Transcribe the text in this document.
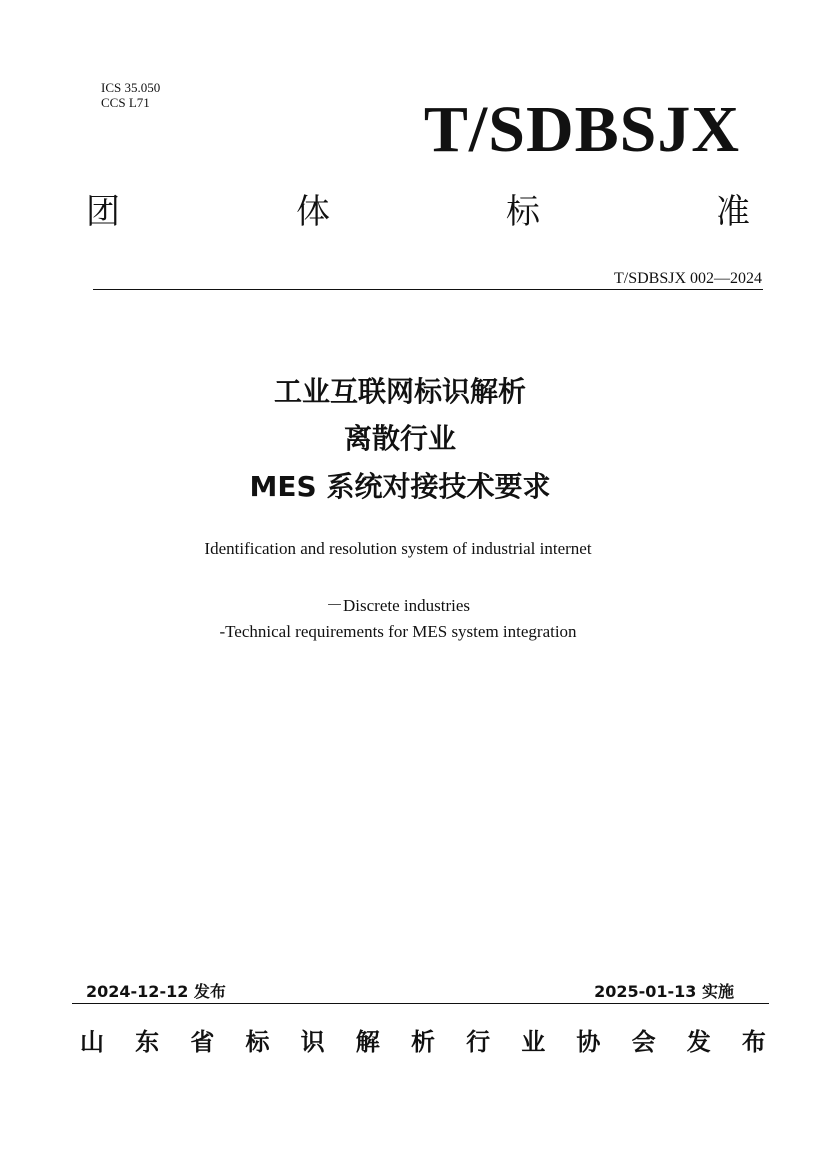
ICS 35.050
CCS L71	T/SDBSJX
团	体	标	准
T/SDBSJX 002—2024
工业互联网标识解析
离散行业
MES 系统对接技术要求
Identification and resolution system of industrial internet
－Discrete industries
-Technical requirements for MES system integration
2024-12-12 发布	2025-01-13 实施
山 东 省 标 识 解 析 行 业 协 会 发 布
